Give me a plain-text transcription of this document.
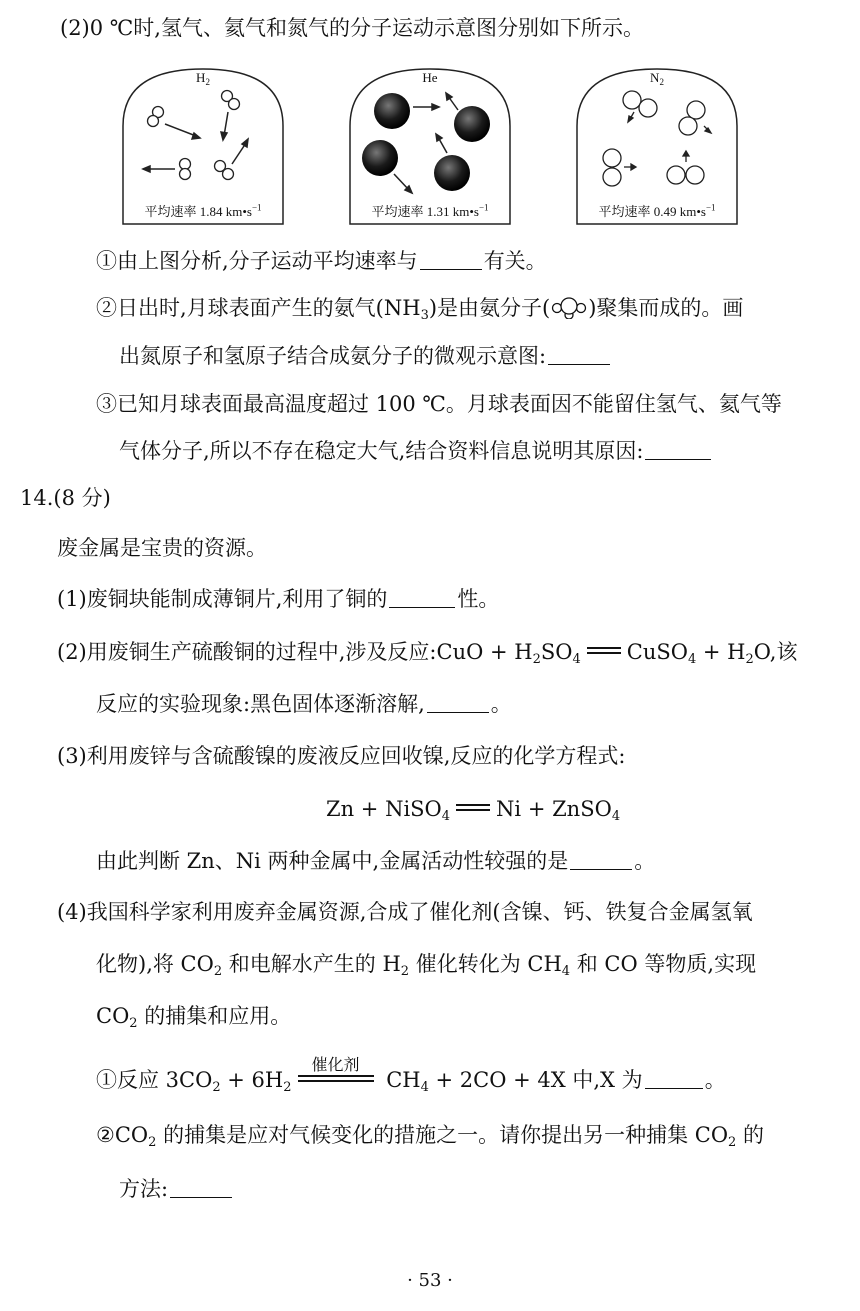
(2)0 ℃时,氢气、氦气和氮气的分子运动示意图分别如下所示。
$H_2$
平均速率 1.84 $km•s^{-1}$
He
平均速率 1.31 $km•s^{-1}$
$N_2$
平均速率 0.49 $km•s^{-1}$
①由上图分析,分子运动平均速率与	有关。
②日出时,月球表面产生的氨气$(NH_3)$是由氨分子( )聚集而成的。画
出氮原子和氢原子结合成氨分子的微观示意图:
③已知月球表面最高温度超过 100 ℃。月球表面因不能留住氢气、氦气等
气体分子,所以不存在稳定大气,结合资料信息说明其原因:
14.(8 分)
废金属是宝贵的资源。
(1)废铜块能制成薄铜片,利用了铜的	性。
(2)用废铜生产硫酸铜的过程中,涉及反应:CuO + $H_2SO_4$ CuSO$_4$ + $H_2O$,该
反应的实验现象:黑色固体逐渐溶解,	。
(3)利用废锌与含硫酸镍的废液反应回收镍,反应的化学方程式:
Zn + NiSO$_4$ Ni + ZnSO$_4$
由此判断 Zn、Ni 两种金属中,金属活动性较强的是	。
(4)我国科学家利用废弃金属资源,合成了催化剂(含镍、钙、铁复合金属氢氧
化物),将 $CO_2$ 和电解水产生的 $H_2$ 催化转化为 $CH_4$ 和 CO 等物质,实现
$CO_2$ 的捕集和应用。
①反应 $3CO_2 + 6H_2$
催化剂
$CH_4 + 2CO + 4X$ 中,X 为	。
$②CO_2$ 的捕集是应对气候变化的措施之一。请你提出另一种捕集 $CO_2$ 的
方法:
· 53 ·
